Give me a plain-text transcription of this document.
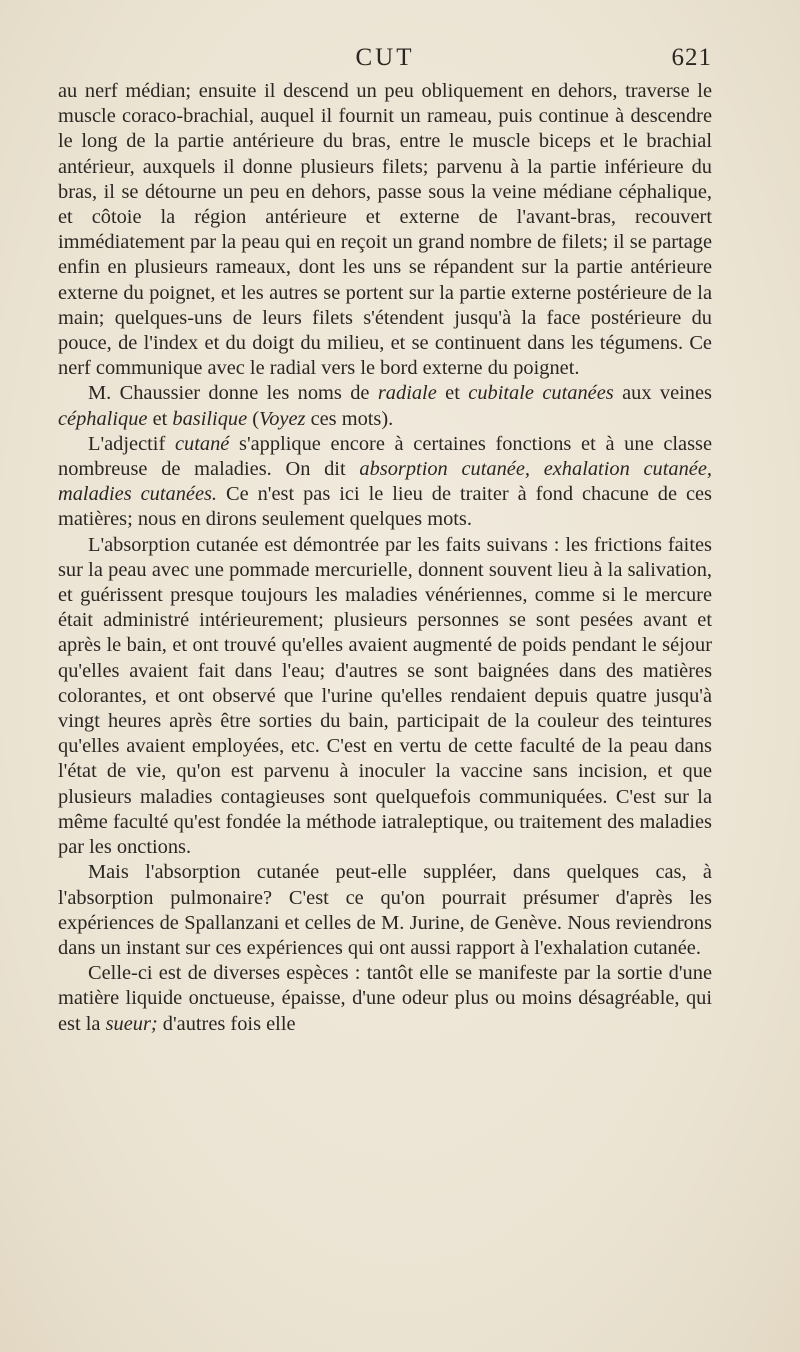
CUT	621

au nerf médian; ensuite il descend un peu obliquement en dehors, traverse le muscle coraco-brachial, auquel il fournit un rameau, puis continue à descendre le long de la partie antérieure du bras, entre le muscle biceps et le brachial antérieur, auxquels il donne plusieurs filets; parvenu à la partie inférieure du bras, il se détourne un peu en dehors, passe sous la veine médiane céphalique, et côtoie la région antérieure et externe de l'avant-bras, recouvert immédiatement par la peau qui en reçoit un grand nombre de filets; il se partage enfin en plusieurs rameaux, dont les uns se répandent sur la partie antérieure externe du poignet, et les autres se portent sur la partie externe postérieure de la main; quelques-uns de leurs filets s'étendent jusqu'à la face postérieure du pouce, de l'index et du doigt du milieu, et se continuent dans les tégumens. Ce nerf communique avec le radial vers le bord externe du poignet.

M. Chaussier donne les noms de radiale et cubitale cutanées aux veines céphalique et basilique (Voyez ces mots).

L'adjectif cutané s'applique encore à certaines fonctions et à une classe nombreuse de maladies. On dit absorption cutanée, exhalation cutanée, maladies cutanées. Ce n'est pas ici le lieu de traiter à fond chacune de ces matières; nous en dirons seulement quelques mots.

L'absorption cutanée est démontrée par les faits suivans : les frictions faites sur la peau avec une pommade mercurielle, donnent souvent lieu à la salivation, et guérissent presque toujours les maladies vénériennes, comme si le mercure était administré intérieurement; plusieurs personnes se sont pesées avant et après le bain, et ont trouvé qu'elles avaient augmenté de poids pendant le séjour qu'elles avaient fait dans l'eau; d'autres se sont baignées dans des matières colorantes, et ont observé que l'urine qu'elles rendaient depuis quatre jusqu'à vingt heures après être sorties du bain, participait de la couleur des teintures qu'elles avaient employées, etc. C'est en vertu de cette faculté de la peau dans l'état de vie, qu'on est parvenu à inoculer la vaccine sans incision, et que plusieurs maladies contagieuses sont quelquefois communiquées. C'est sur la même faculté qu'est fondée la méthode iatraleptique, ou traitement des maladies par les onctions.

Mais l'absorption cutanée peut-elle suppléer, dans quelques cas, à l'absorption pulmonaire? C'est ce qu'on pourrait présumer d'après les expériences de Spallanzani et celles de M. Jurine, de Genève. Nous reviendrons dans un instant sur ces expériences qui ont aussi rapport à l'exhalation cutanée.

Celle-ci est de diverses espèces : tantôt elle se manifeste par la sortie d'une matière liquide onctueuse, épaisse, d'une odeur plus ou moins désagréable, qui est la sueur; d'autres fois elle
